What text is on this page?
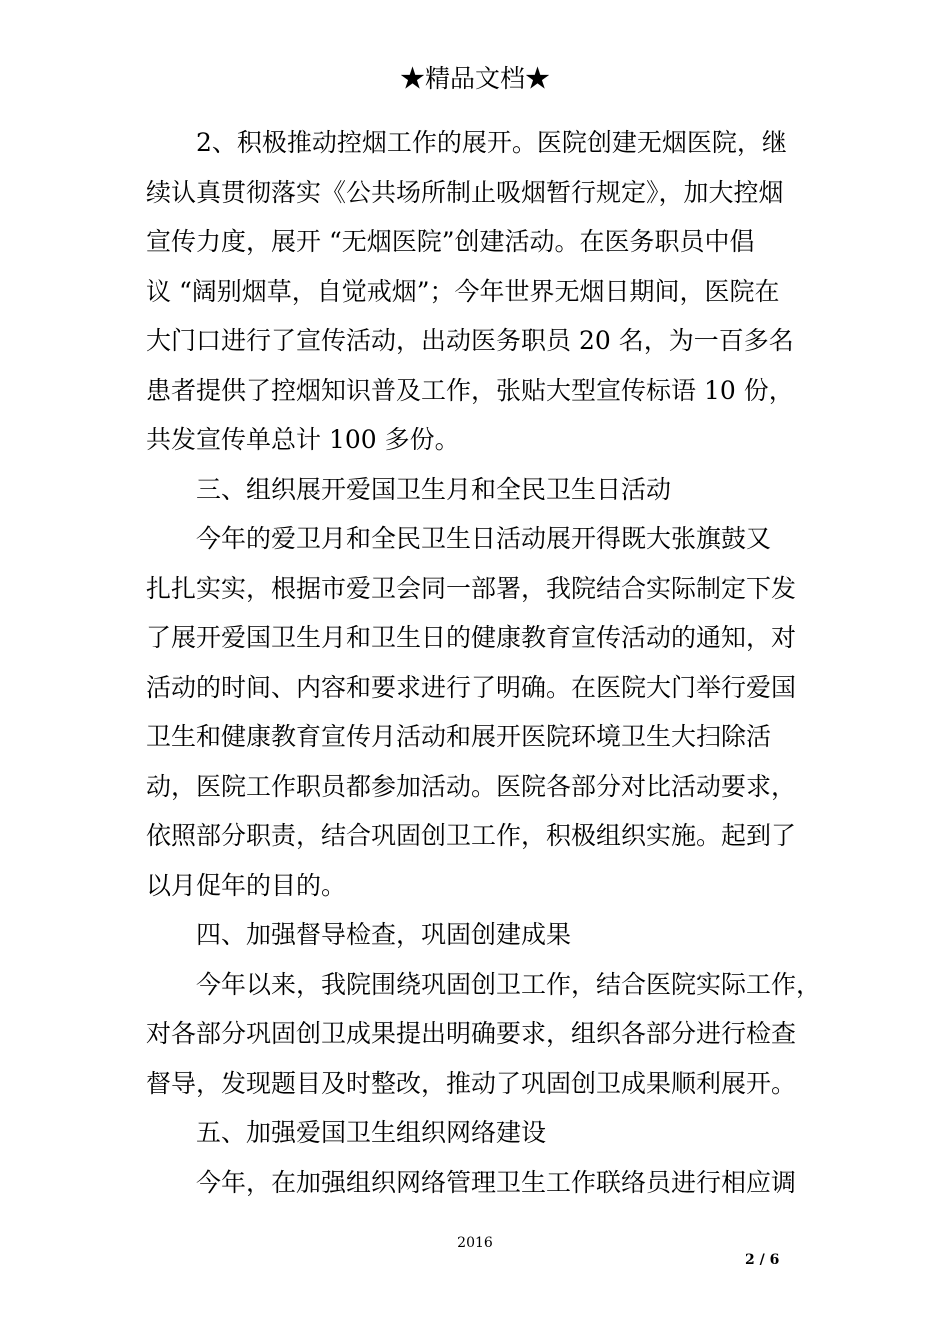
★精品文档★
2、积极推动控烟工作的展开。医院创建无烟医院，继
续认真贯彻落实《公共场所制止吸烟暂行规定》，加大控烟
宣传力度，展开 “无烟医院”创建活动。在医务职员中倡
议 “阔别烟草，自觉戒烟”；今年世界无烟日期间，医院在
大门口进行了宣传活动，出动医务职员 20 名，为一百多名
患者提供了控烟知识普及工作，张贴大型宣传标语 10 份，
共发宣传单总计 100 多份。
三、组织展开爱国卫生月和全民卫生日活动
今年的爱卫月和全民卫生日活动展开得既大张旗鼓又
扎扎实实，根据市爱卫会同一部署，我院结合实际制定下发
了展开爱国卫生月和卫生日的健康教育宣传活动的通知，对
活动的时间、内容和要求进行了明确。在医院大门举行爱国
卫生和健康教育宣传月活动和展开医院环境卫生大扫除活
动，医院工作职员都参加活动。医院各部分对比活动要求，
依照部分职责，结合巩固创卫工作，积极组织实施。起到了
以月促年的目的。
四、加强督导检查，巩固创建成果
今年以来，我院围绕巩固创卫工作，结合医院实际工作，
对各部分巩固创卫成果提出明确要求，组织各部分进行检查
督导，发现题目及时整改，推动了巩固创卫成果顺利展开。
五、加强爱国卫生组织网络建设
今年，在加强组织网络管理卫生工作联络员进行相应调
2016
2 / 6
